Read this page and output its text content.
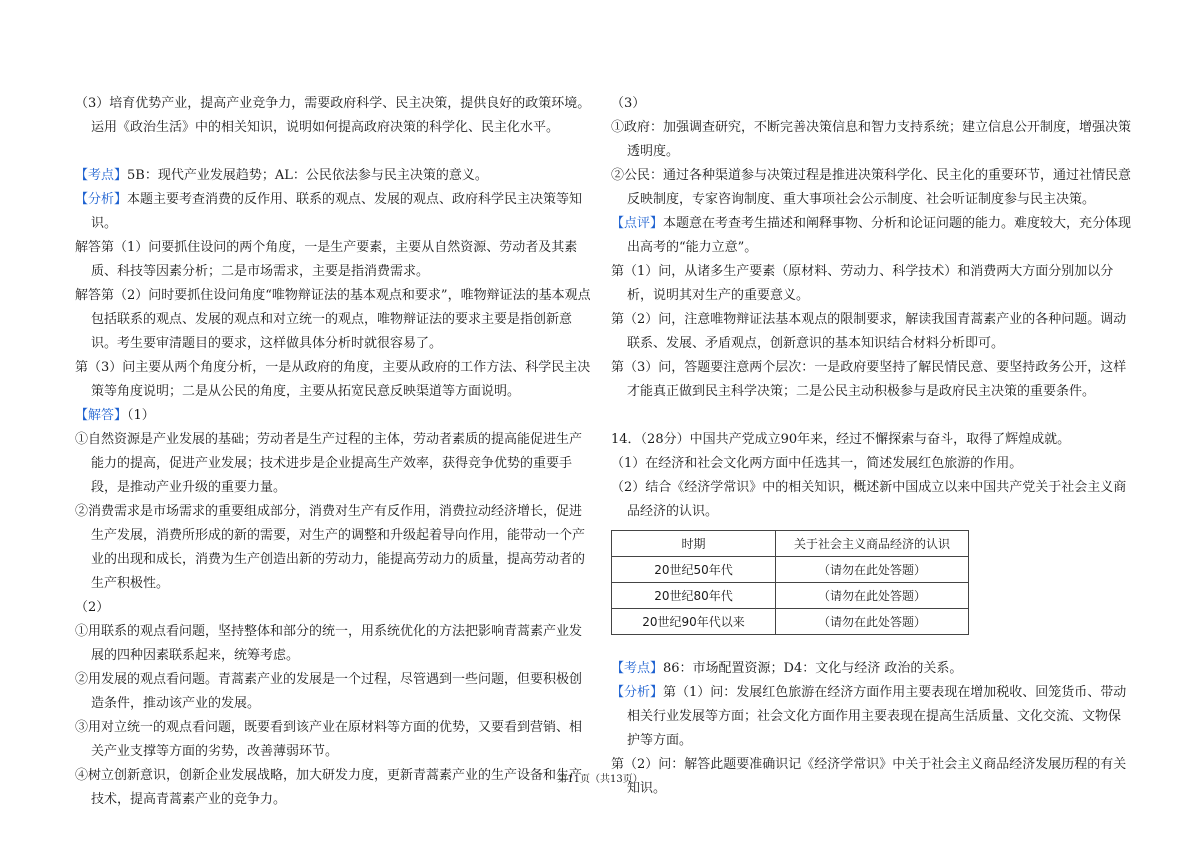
（3）培育优势产业，提高产业竞争力，需要政府科学、民主决策，提供良好的政策环境。运用《政治生活》中的相关知识，说明如何提高政府决策的科学化、民主化水平。

【考点】5B：现代产业发展趋势；AL：公民依法参与民主决策的意义。

【分析】本题主要考查消费的反作用、联系的观点、发展的观点、政府科学民主决策等知识。

解答第（1）问要抓住设问的两个角度，一是生产要素，主要从自然资源、劳动者及其素质、科技等因素分析；二是市场需求，主要是指消费需求。

解答第（2）问时要抓住设问角度“唯物辩证法的基本观点和要求”，唯物辩证法的基本观点包括联系的观点、发展的观点和对立统一的观点，唯物辩证法的要求主要是指创新意识。考生要审清题目的要求，这样做具体分析时就很容易了。

第（3）问主要从两个角度分析，一是从政府的角度，主要从政府的工作方法、科学民主决策等角度说明；二是从公民的角度，主要从拓宽民意反映渠道等方面说明。

【解答】（1）

①自然资源是产业发展的基础；劳动者是生产过程的主体，劳动者素质的提高能促进生产能力的提高，促进产业发展；技术进步是企业提高生产效率，获得竞争优势的重要手段，是推动产业升级的重要力量。

②消费需求是市场需求的重要组成部分，消费对生产有反作用，消费拉动经济增长，促进生产发展，消费所形成的新的需要，对生产的调整和升级起着导向作用，能带动一个产业的出现和成长，消费为生产创造出新的劳动力，能提高劳动力的质量，提高劳动者的生产积极性。

（2）

①用联系的观点看问题，坚持整体和部分的统一，用系统优化的方法把影响青蒿素产业发展的四种因素联系起来，统筹考虑。

②用发展的观点看问题。青蒿素产业的发展是一个过程，尽管遇到一些问题，但要积极创造条件，推动该产业的发展。

③用对立统一的观点看问题，既要看到该产业在原材料等方面的优势，又要看到营销、相关产业支撑等方面的劣势，改善薄弱环节。

④树立创新意识，创新企业发展战略，加大研发力度，更新青蒿素产业的生产设备和生产技术，提高青蒿素产业的竞争力。

（3）

①政府：加强调查研究，不断完善决策信息和智力支持系统；建立信息公开制度，增强决策透明度。

②公民：通过各种渠道参与决策过程是推进决策科学化、民主化的重要环节，通过社情民意反映制度，专家咨询制度、重大事项社会公示制度、社会听证制度参与民主决策。

【点评】本题意在考查考生描述和阐释事物、分析和论证问题的能力。难度较大，充分体现出高考的“能力立意”。

第（1）问，从诸多生产要素（原材料、劳动力、科学技术）和消费两大方面分别加以分析，说明其对生产的重要意义。

第（2）问，注意唯物辩证法基本观点的限制要求，解读我国青蒿素产业的各种问题。调动联系、发展、矛盾观点，创新意识的基本知识结合材料分析即可。

第（3）问，答题要注意两个层次：一是政府要坚持了解民情民意、要坚持政务公开，这样才能真正做到民主科学决策；二是公民主动积极参与是政府民主决策的重要条件。

14．（28分）中国共产党成立90年来，经过不懈探索与奋斗，取得了辉煌成就。

（1）在经济和社会文化两方面中任选其一，简述发展红色旅游的作用。

（2）结合《经济学常识》中的相关知识，概述新中国成立以来中国共产党关于社会主义商品经济的认识。

时期	关于社会主义商品经济的认识
20世纪50年代	（请勿在此处答题）
20世纪80年代	（请勿在此处答题）
20世纪90年代以来	（请勿在此处答题）

【考点】86：市场配置资源；D4：文化与经济 政治的关系。

【分析】第（1）问：发展红色旅游在经济方面作用主要表现在增加税收、回笼货币、带动相关行业发展等方面；社会文化方面作用主要表现在提高生活质量、文化交流、文物保护等方面。

第（2）问：解答此题要准确识记《经济学常识》中关于社会主义商品经济发展历程的有关知识。

第11页（共13页）
